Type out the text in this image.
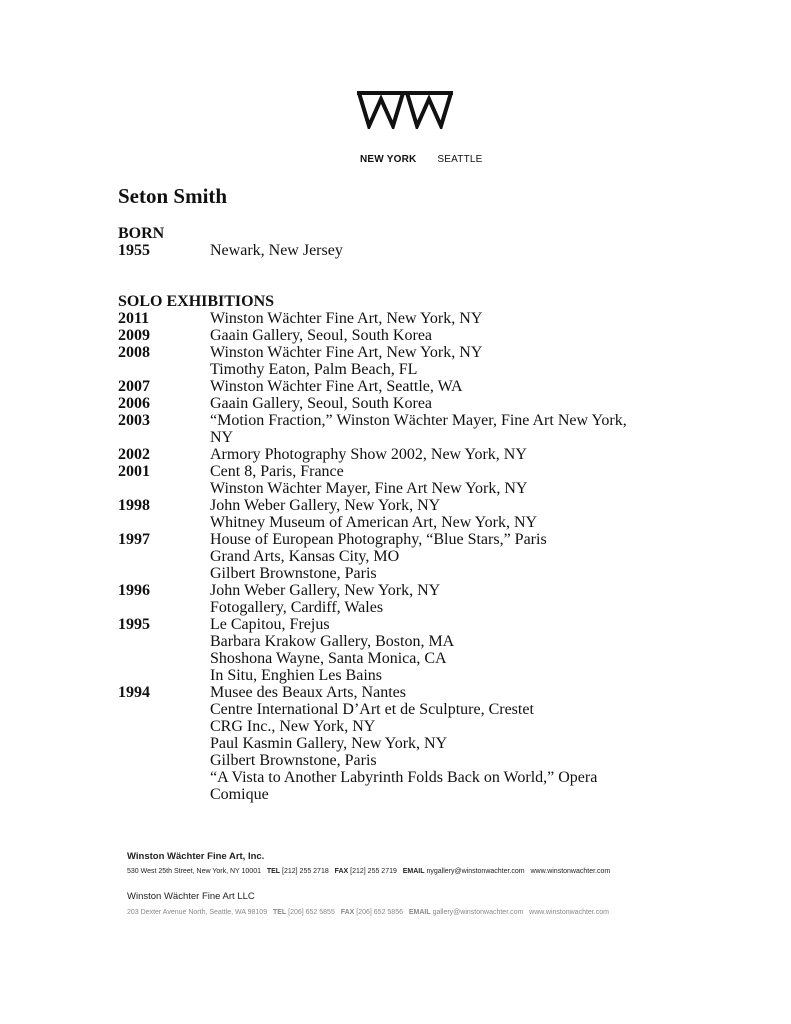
NEW YORK SEATTLE
Seton Smith
BORN
1955	Newark, New Jersey
SOLO EXHIBITIONS
2011	Winston Wächter Fine Art, New York, NY
2009	Gaain Gallery, Seoul, South Korea
2008	Winston Wächter Fine Art, New York, NY
Timothy Eaton, Palm Beach, FL
2007	Winston Wächter Fine Art, Seattle, WA
2006	Gaain Gallery, Seoul, South Korea
2003	“Motion Fraction,” Winston Wächter Mayer, Fine Art New York,
NY
2002	Armory Photography Show 2002, New York, NY
2001	Cent 8, Paris, France
Winston Wächter Mayer, Fine Art New York, NY
1998	John Weber Gallery, New York, NY
Whitney Museum of American Art, New York, NY
1997	House of European Photography, “Blue Stars,” Paris
Grand Arts, Kansas City, MO
Gilbert Brownstone, Paris
1996	John Weber Gallery, New York, NY
Fotogallery, Cardiff, Wales
1995	Le Capitou, Frejus
Barbara Krakow Gallery, Boston, MA
Shoshona Wayne, Santa Monica, CA
In Situ, Enghien Les Bains
1994	Musee des Beaux Arts, Nantes
Centre International D’Art et de Sculpture, Crestet
CRG Inc., New York, NY
Paul Kasmin Gallery, New York, NY
Gilbert Brownstone, Paris
“A Vista to Another Labyrinth Folds Back on World,” Opera
Comique
Winston Wächter Fine Art, Inc.
530 West 25th Street, New York, NY 10001 TEL [212] 255 2718 FAX [212] 255 2719 EMAIL nygallery@winstonwachter.com www.winstonwachter.com
Winston Wächter Fine Art LLC
203 Dexter Avenue North, Seattle, WA 98109 TEL [206] 652 5855 FAX [206] 652 5856 EMAIL gallery@winstonwachter.com www.winstonwachter.com
